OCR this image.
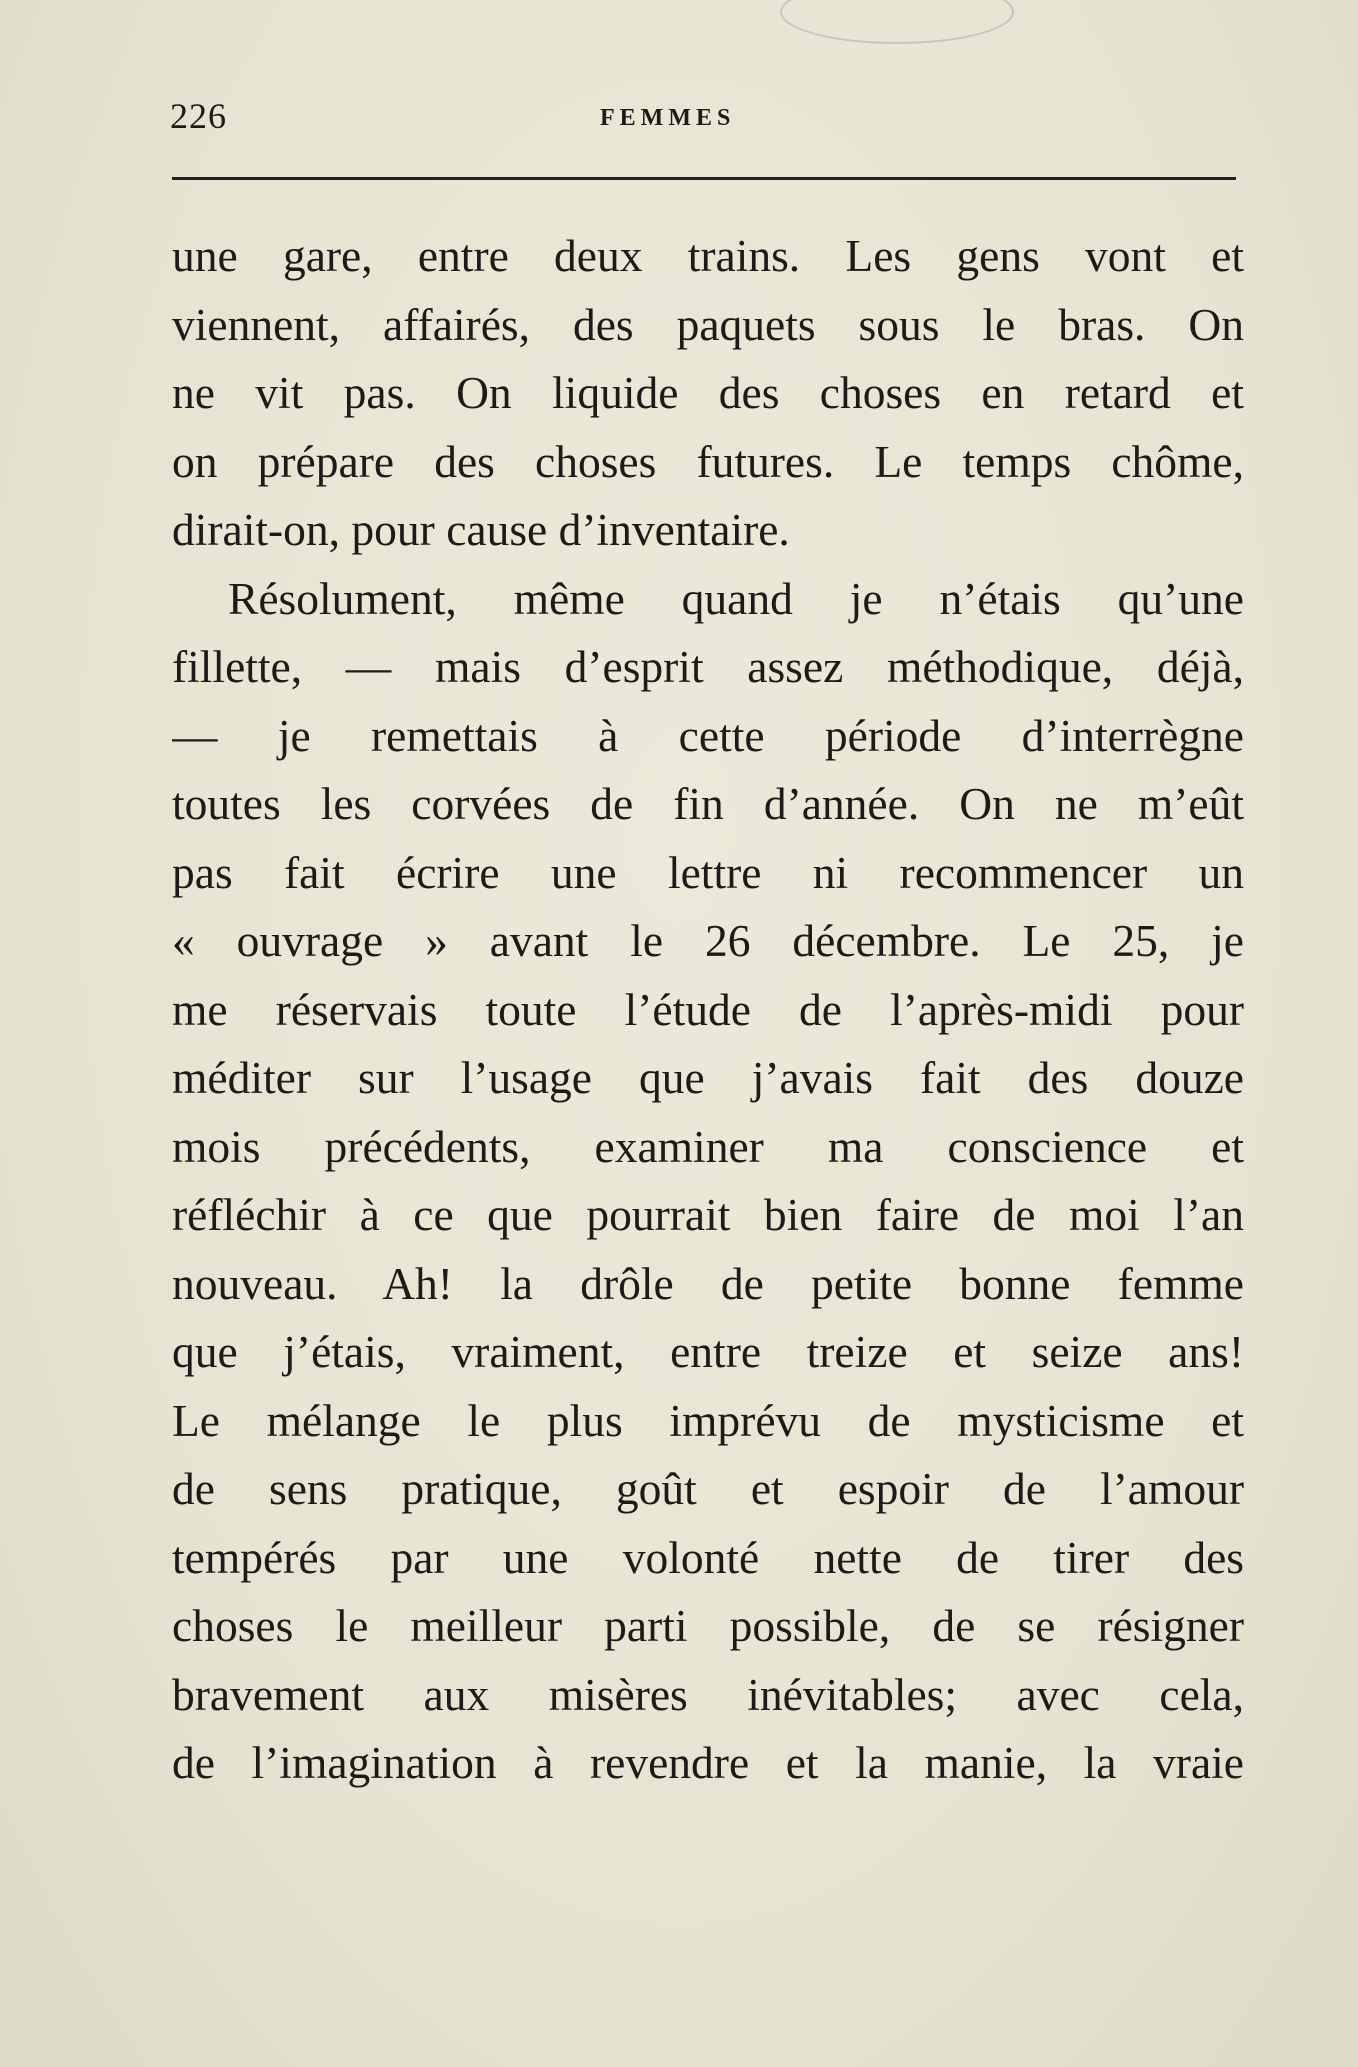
226	FEMMES
une gare, entre deux trains. Les gens vont et
viennent, affairés, des paquets sous le bras. On
ne vit pas. On liquide des choses en retard et
on prépare des choses futures. Le temps chôme,
dirait-on, pour cause d’inventaire.
Résolument, même quand je n’étais qu’une
fillette, — mais d’esprit assez méthodique, déjà,
— je remettais à cette période d’interrègne
toutes les corvées de fin d’année. On ne m’eût
pas fait écrire une lettre ni recommencer un
« ouvrage » avant le 26 décembre. Le 25, je
me réservais toute l’étude de l’après-midi pour
méditer sur l’usage que j’avais fait des douze
mois précédents, examiner ma conscience et
réfléchir à ce que pourrait bien faire de moi l’an
nouveau. Ah! la drôle de petite bonne femme
que j’étais, vraiment, entre treize et seize ans!
Le mélange le plus imprévu de mysticisme et
de sens pratique, goût et espoir de l’amour
tempérés par une volonté nette de tirer des
choses le meilleur parti possible, de se résigner
bravement aux misères inévitables; avec cela,
de l’imagination à revendre et la manie, la vraie
